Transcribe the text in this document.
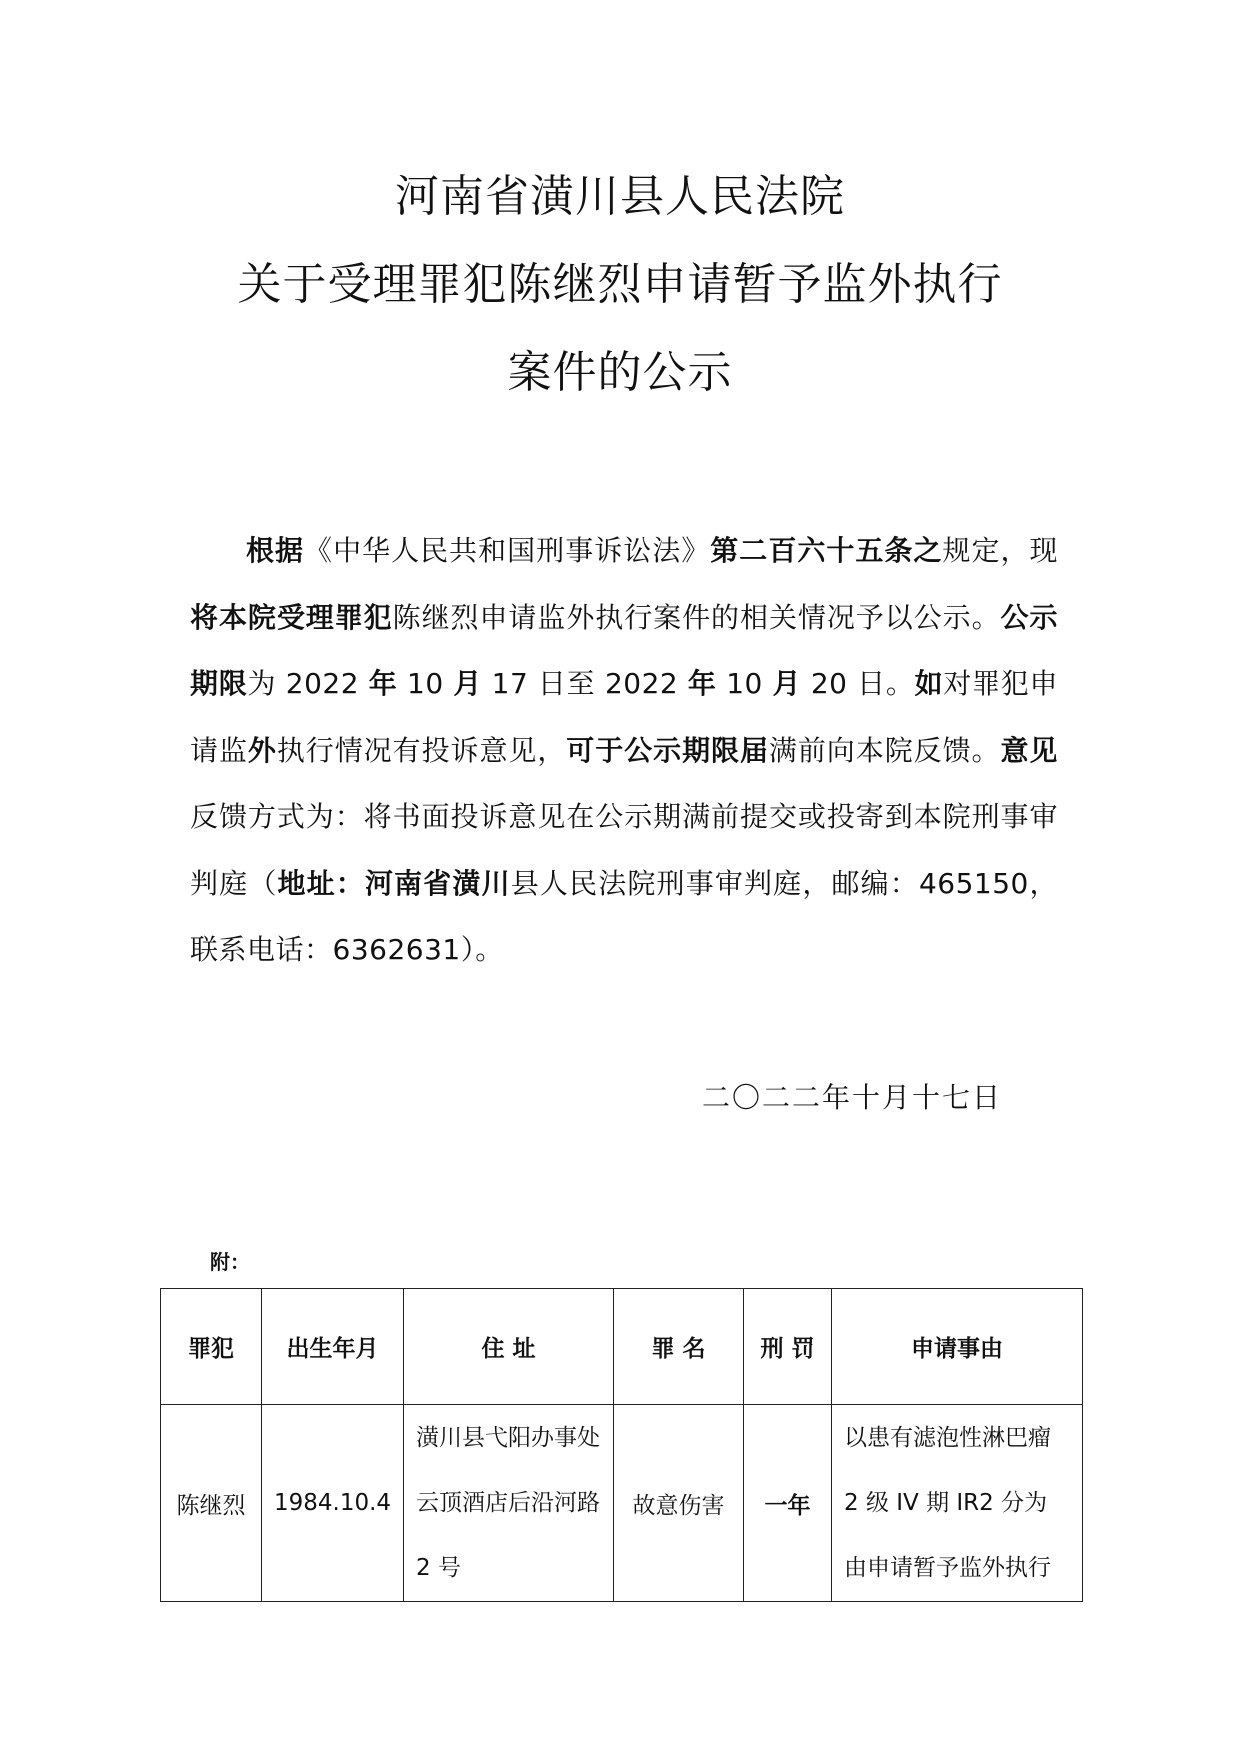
河南省潢川县人民法院
关于受理罪犯陈继烈申请暂予监外执行
案件的公示
根据《中华人民共和国刑事诉讼法》第二百六十五条之规定，现将本院受理罪犯陈继烈申请监外执行案件的相关情况予以公示。公示期限为 2022 年 10 月 17 日至 2022 年 10 月 20 日。如对罪犯申请监外执行情况有投诉意见，可于公示期限届满前向本院反馈。意见反馈方式为：将书面投诉意见在公示期满前提交或投寄到本院刑事审判庭（地址：河南省潢川县人民法院刑事审判庭，邮编：465150，联系电话：6362631）。
二〇二二年十月十七日
附：
罪犯	出生年月	住 址	罪 名	刑 罚	申请事由
陈继烈	1984.10.4	潢川县弋阳办事处云顶酒店后沿河路 2 号	故意伤害	一年	以患有滤泡性淋巴瘤 2 级 IV 期 IR2 分为由申请暂予监外执行
